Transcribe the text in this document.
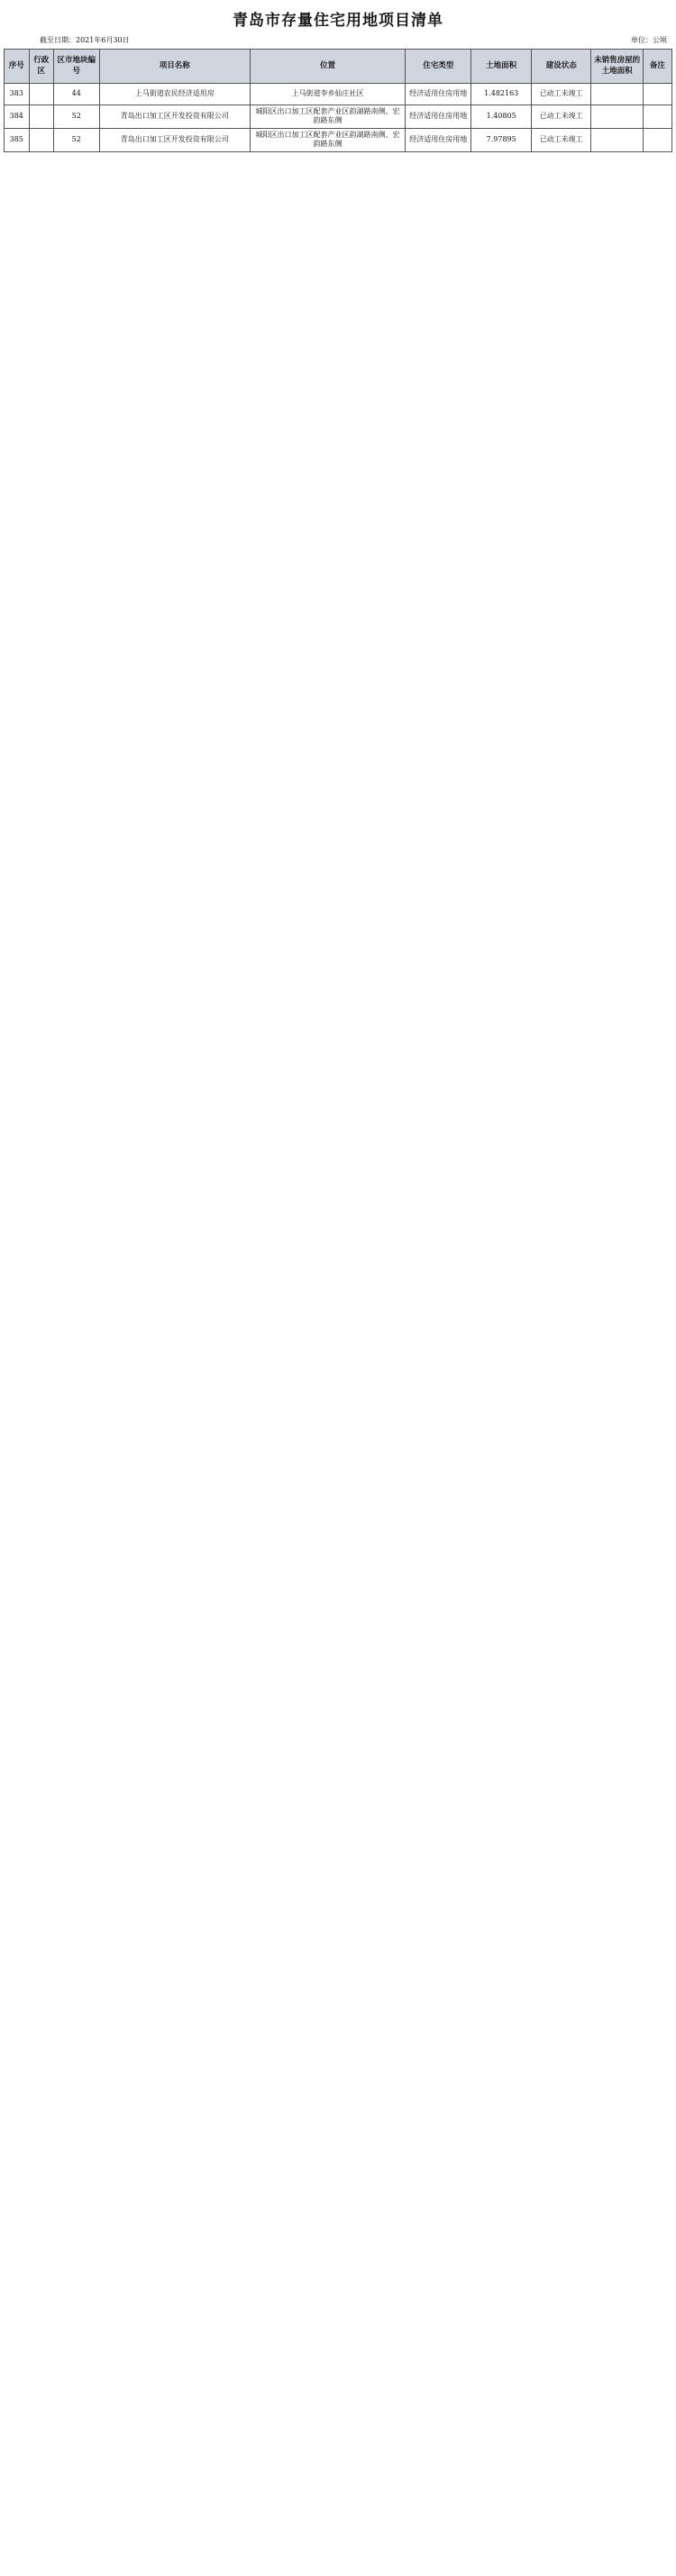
青岛市存量住宅用地项目清单
截至日期：2021年6月30日	单位：公顷
序号	行政区	区市地块编号	项目名称	位置	住宅类型	土地面积	建设状态	未销售房屋的土地面积	备注
383		44	上马街道农民经济适用房	上马街道李乡仙庄社区	经济适用住房用地	1.482163	已动工未竣工		
384		52	青岛出口加工区开发投资有限公司	城阳区出口加工区配套产业区韵湖路南侧、宏韵路东侧	经济适用住房用地	1.40805	已动工未竣工		
385		52	青岛出口加工区开发投资有限公司	城阳区出口加工区配套产业区韵湖路南侧、宏韵路东侧	经济适用住房用地	7.97895	已动工未竣工		
